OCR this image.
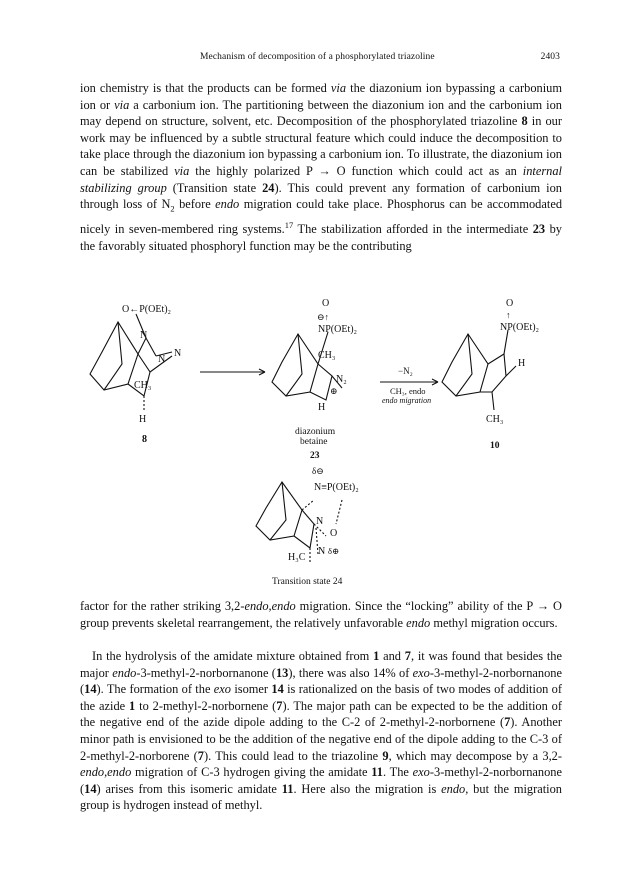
Mechanism of decomposition of a phosphorylated triazoline	2403

ion chemistry is that the products can be formed via the diazonium ion bypassing a carbonium ion or via a carbonium ion. The partitioning between the diazonium ion and the carbonium ion may depend on structure, solvent, etc. Decomposition of the phosphorylated triazoline 8 in our work may be influenced by a subtle structural feature which could induce the decomposition to take place through the diazonium ion bypassing a carbonium ion. To illustrate, the diazonium ion can be stabilized via the highly polarized P → O function which could act as an internal stabilizing group (Transition state 24). This could prevent any formation of carbonium ion through loss of $N_2$ before endo migration could take place. Phosphorus can be accommodated nicely in seven-membered ring systems.$^{17}$ The stabilization afforded in the intermediate 23 by the favorably situated phosphoryl function may be the contributing

O←P(OEt)₂
N
N
N
CH₃
H
8
O
⊖↑
NP(OEt)₂
CH₃
N₂
⊕
H
diazonium
betaine
23
−N₂
CH₃, endo
endo migration
O
↑
NP(OEt)₂
H
CH₃
10
δ⊖
N≡P(OEt)₂
N
N δ⊕
O
H₃C
Transition state 24

factor for the rather striking 3,2-endo,endo migration. Since the “locking” ability of the P → O group prevents skeletal rearrangement, the relatively unfavorable endo methyl migration occurs.

In the hydrolysis of the amidate mixture obtained from 1 and 7, it was found that besides the major endo-3-methyl-2-norbornanone (13), there was also 14% of exo-3-methyl-2-norbornanone (14). The formation of the exo isomer 14 is rationalized on the basis of two modes of addition of the azide 1 to 2-methyl-2-norbornene (7). The major path can be expected to be the addition of the negative end of the azide dipole adding to the C-2 of 2-methyl-2-norbornene (7). Another minor path is envisioned to be the addition of the negative end of the dipole adding to the C-3 of 2-methyl-2-norborene (7). This could lead to the triazoline 9, which may decompose by a 3,2-endo,endo migration of C-3 hydrogen giving the amidate 11. The exo-3-methyl-2-norbornanone (14) arises from this isomeric amidate 11. Here also the migration is endo, but the migration group is hydrogen instead of methyl.
